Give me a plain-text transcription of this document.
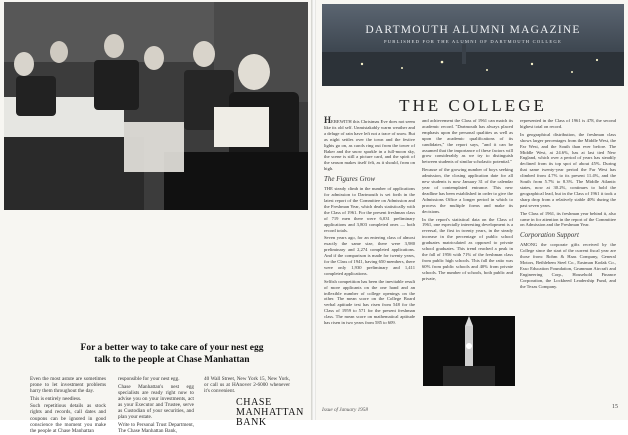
For a better way to take care of your nest egg
talk to the people at Chase Manhattan

Even the most astute are sometimes prone to let investment problems harry them throughout the day.

This is entirely needless.

Such repetitious details as stock rights and records, call dates and coupons can be ignored in good conscience the moment you make the people at Chase Manhattan

responsible for your nest egg.

Chase Manhattan's nest egg specialists are ready right now to advise you on your investments, act as your Executor and Trustee, serve as Custodian of your securities, and plan your estate.

Write to Personal Trust Department, The Chase Manhattan Bank,

40 Wall Street, New York 15, New York, or call us at HAnover 2-6000 whenever it's convenient.

CHASE
MANHATTAN
BANK
DARTMOUTH ALUMNI MAGAZINE
PUBLISHED FOR THE ALUMNI OF DARTMOUTH COLLEGE
THE COLLEGE

HEREWITH this Christmas Eve does not seem like its old self. Unmistakably warm weather and a deluge of rain have left not a trace of snow. But as night settles over the town and the festive lights go on, as carols ring out from the tower of Baker and the snow sparkle in a full-moon sky, the scene is still a picture card, and the spirit of the season makes itself felt, as it should, from on high.

The Figures Grow

THE steady climb in the number of applications for admission to Dartmouth is set forth in the latest report of the Committee on Admission and the Freshman Year, which deals statistically with the Class of 1961. For the present freshman class of 719 men there were 6,031 preliminary applications and 3,803 completed ones — both record totals.

Seven years ago, for an entering class of almost exactly the same size, there were 3,980 preliminary and 2,274 completed applications. And if the comparison is made for twenty years, for the Class of 1941, having 650 members, there were only 1,930 preliminary and 1,411 completed applications.

Selfish competition has been the inevitable result of more applicants on the one hand and an inflexible number of college openings on the other. The mean score on the College Board verbal aptitude test has risen from 548 for the Class of 1959 to 571 for the present freshman class. The mean score on mathematical aptitude has risen in two years from 585 to 609.

and achievement the Class of 1961 can match its academic record. "Dartmouth has always placed emphasis upon the personal qualities as well as upon the academic qualifications of its candidates," the report says, "and it can be assumed that the importance of these factors will grow considerably as we try to distinguish between students of similar scholastic potential."

Because of the growing number of boys seeking admission, the closing application date for all new students is now January 31 of the calendar year of contemplated entrance. This new deadline has been established in order to give the Admissions Office a longer period in which to process the multiple forms and make its decisions.

In the report's statistical data on the Class of 1961, one especially interesting development is a reversal, the first in twenty years, in the steady increase in the percentage of public school graduates matriculated as opposed to private school graduates. This trend reached a peak in the fall of 1956 with 71% of the freshman class from public high schools. This fall the ratio was 60% from public schools and 40% from private schools. The number of schools, both public and private,

represented in the Class of 1961 is 478, the second highest total on record.

In geographical distribution, the freshman class shows larger percentages from the Middle West, the Far West, and the South than ever before. The Middle West, at 24.6%, has at last tied New England, which over a period of years has steadily declined from its top spot of about 45%. During that same twenty-year period the Far West has climbed from 4.7% to its present 11.4%, and the South from 5.7% to 8.3%. The Middle Atlantic states, now at 30.2%, continues to hold the geographical lead, but in the Class of 1961 it took a sharp drop from a relatively stable 40% during the past seven years.

The Class of 1961, its freshman year behind it, also came in for attention in the report of the Committee on Admission and the Freshman Year.

Corporation Support

AMONG the corporate gifts received by the College since the start of the current fiscal year are those from: Rohm & Haas Company, General Motors, Bethlehem Steel Co., Eastman Kodak Co., Esso Education Foundation, Grumman Aircraft and Engineering Corp., Household Finance Corporation, the Lockheed Leadership Fund, and the Texas Company.

Issue of January 1958	15
